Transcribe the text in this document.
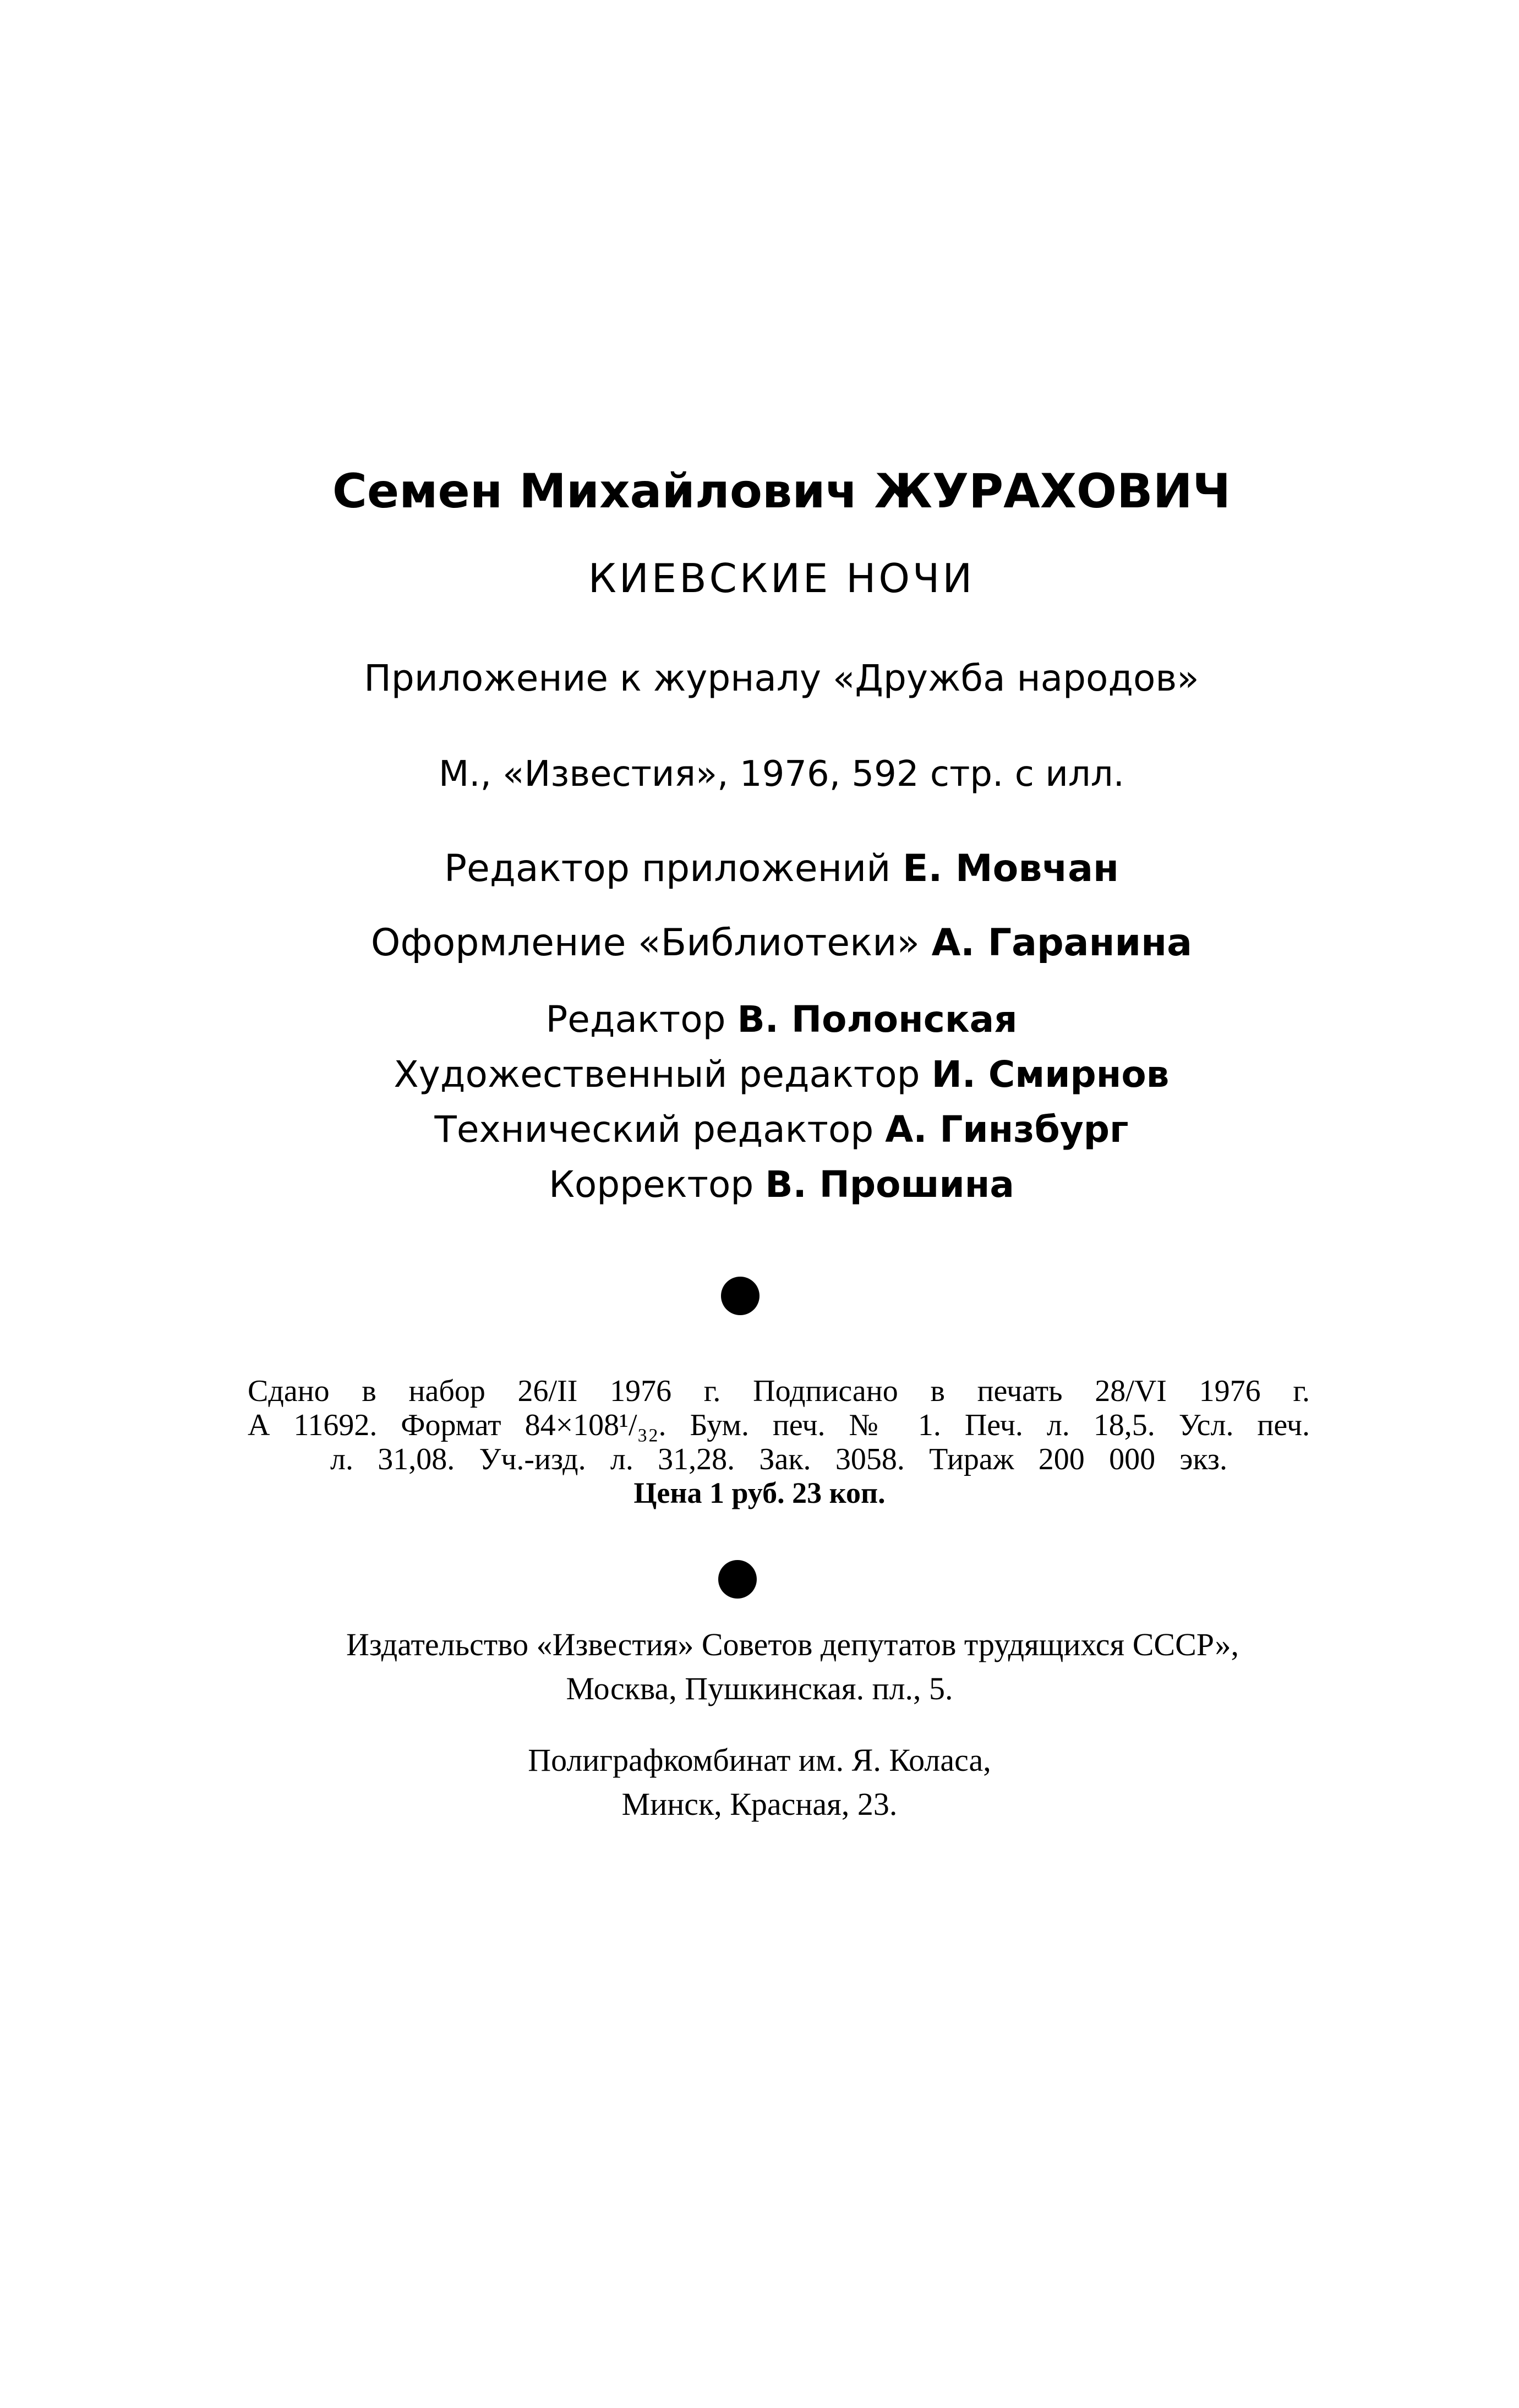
Семен Михайлович ЖУРАХОВИЧ
КИЕВСКИЕ НОЧИ
Приложение к журналу «Дружба народов»
М., «Известия», 1976, 592 стр. с илл.
Редактор приложений Е. Мовчан
Оформление «Библиотеки» А. Гаранина
Редактор В. Полонская
Художественный редактор И. Смирнов
Технический редактор А. Гинзбург
Корректор В. Прошина
Сдано в набор 26/II 1976 г. Подписано в печать 28/VI 1976 г.
А 11692. Формат 84×108¹/₃₂. Бум. печ. № 1. Печ. л. 18,5. Усл. печ.
л. 31,08. Уч.-изд. л. 31,28. Зак. 3058. Тираж 200 000 экз.
Цена 1 руб. 23 коп.
Издательство «Известия» Советов депутатов трудящихся СССР»,
Москва, Пушкинская. пл., 5.
Полиграфкомбинат им. Я. Коласа,
Минск, Красная, 23.
